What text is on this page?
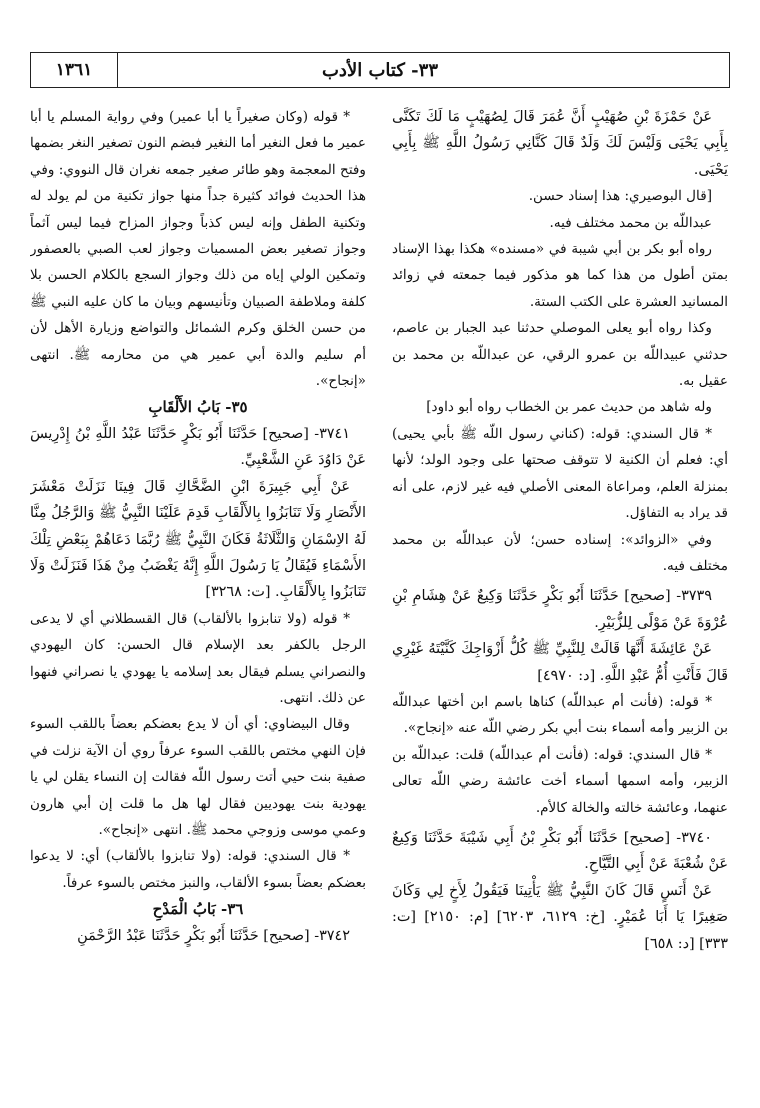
١٣٦١	٣٣- كتاب الأدب

عَنْ حَمْزَةَ بْنِ صُهَيْبٍ أَنَّ عُمَرَ قَالَ لِصُهَيْبٍ مَا لَكَ تَكَنَّى بِأَبِي يَحْيَى وَلَيْسَ لَكَ وَلَدٌ قَالَ كَنَّانِي رَسُولُ اللَّهِ ﷺ بِأَبِي يَحْيَى.

[قال البوصيري: هذا إسناد حسن.

عبداللّه بن محمد مختلف فيه.

رواه أبو بكر بن أبي شيبة في «مسنده» هكذا بهذا الإسناد بمتن أطول من هذا كما هو مذكور فيما جمعته في زوائد المسانيد العشرة على الكتب الستة.

وكذا رواه أبو يعلى الموصلي حدثنا عبد الجبار بن عاصم، حدثني عبيداللّه بن عمرو الرقي، عن عبداللّه بن محمد بن عقيل به.

وله شاهد من حديث عمر بن الخطاب رواه أبو داود]

* قال السندي: قوله: (كناني رسول اللّه ﷺ بأبي يحيى) أي: فعلم أن الكنية لا تتوقف صحتها على وجود الولد؛ لأنها بمنزلة العلم، ومراعاة المعنى الأصلي فيه غير لازم، على أنه قد يراد به التفاؤل.

وفي «الزوائد»: إسناده حسن؛ لأن عبداللّه بن محمد مختلف فيه.

٣٧٣٩- [صحيح] حَدَّثَنَا أَبُو بَكْرٍ حَدَّثَنَا وَكِيعٌ عَنْ هِشَامِ بْنِ عُرْوَةَ عَنْ مَوْلًى لِلزُّبَيْرِ.

عَنْ عَائِشَةَ أَنَّهَا قَالَتْ لِلنَّبِيِّ ﷺ كُلُّ أَزْوَاجِكَ كَنَّيْتَهُ غَيْرِي قَالَ فَأَنْتِ أُمُّ عَبْدِ اللَّهِ. [د: ٤٩٧٠]

* قوله: (فأنت أم عبداللّه) كناها باسم ابن أختها عبداللّه بن الزبير وأمه أسماء بنت أبي بكر رضي اللّه عنه «إنجاح».

* قال السندي: قوله: (فأنت أم عبداللّه) قلت: عبداللّه بن الزبير، وأمه اسمها أسماء أخت عائشة رضي اللّه تعالى عنهما، وعائشة خالته والخالة كالأم.

٣٧٤٠- [صحيح] حَدَّثَنَا أَبُو بَكْرِ بْنُ أَبِي شَيْبَةَ حَدَّثَنَا وَكِيعٌ عَنْ شُعْبَةَ عَنْ أَبِي التَّيَّاحِ.

عَنْ أَنَسٍ قَالَ كَانَ النَّبِيُّ ﷺ يَأْتِينَا فَيَقُولُ لِأَخٍ لِي وَكَانَ صَغِيرًا يَا أَبَا عُمَيْرٍ. [خ: ٦١٢٩، ٦٢٠٣] [م: ٢١٥٠] [ت: ٣٣٣] [د: ٦٥٨]

* قوله (وكان صغيراً يا أبا عمير) وفي رواية المسلم يا أبا عمير ما فعل النغير أما النغير فبضم النون تصغير النغر بضمها وفتح المعجمة وهو طائر صغير جمعه نغران قال النووي: وفي هذا الحديث فوائد كثيرة جداً منها جواز تكنية من لم يولد له وتكنية الطفل وإنه ليس كذباً وجواز المزاح فيما ليس آثماً وجواز تصغير بعض المسميات وجواز لعب الصبي بالعصفور وتمكين الولي إياه من ذلك وجواز السجع بالكلام الحسن بلا كلفة وملاطفة الصبيان وتأنيسهم وبيان ما كان عليه النبي ﷺ من حسن الخلق وكرم الشمائل والتواضع وزيارة الأهل لأن أم سليم والدة أبي عمير هي من محارمه ﷺ. انتهى «إنجاح».

٣٥- بَابُ الأَلْقَابِ

٣٧٤١- [صحيح] حَدَّثَنَا أَبُو بَكْرٍ حَدَّثَنَا عَبْدُ اللَّهِ بْنُ إِدْرِيسَ عَنْ دَاوُدَ عَنِ الشَّعْبِيِّ.

عَنْ أَبِي جَبِيرَةَ ابْنِ الضَّحَّاكِ قَالَ فِينَا نَزَلَتْ مَعْشَرَ الأَنْصَارِ وَلَا تَنَابَزُوا بِالأَلْقَابِ قَدِمَ عَلَيْنَا النَّبِيُّ ﷺ وَالرَّجُلُ مِنَّا لَهُ الاِسْمَانِ وَالثَّلَاثَةُ فَكَانَ النَّبِيُّ ﷺ رُبَّمَا دَعَاهُمْ بِبَعْضِ تِلْكَ الأَسْمَاءِ فَيُقَالُ يَا رَسُولَ اللَّهِ إِنَّهُ يَغْضَبُ مِنْ هَذَا فَنَزَلَتْ وَلَا تَنَابَزُوا بِالأَلْقَابِ. [ت: ٣٢٦٨]

* قوله (ولا تنابزوا بالألقاب) قال القسطلاني أي لا يدعى الرجل بالكفر بعد الإسلام قال الحسن: كان اليهودي والنصراني يسلم فيقال بعد إسلامه يا يهودي يا نصراني فنهوا عن ذلك. انتهى.

وقال البيضاوي: أي أن لا يدع بعضكم بعضاً باللقب السوء فإن النهي مختص باللقب السوء عرفاً روي أن الآية نزلت في صفية بنت حيي أتت رسول اللّه فقالت إن النساء يقلن لي يا يهودية بنت يهوديين فقال لها هل ما قلت إن أبي هارون وعمي موسى وزوجي محمد ﷺ. انتهى «إنجاح».

* قال السندي: قوله: (ولا تنابزوا بالألقاب) أي: لا يدعوا بعضكم بعضاً بسوء الألقاب، والنبز مختص بالسوء عرفاً.

٣٦- بَابُ الْمَدْحِ

٣٧٤٢- [صحيح] حَدَّثَنَا أَبُو بَكْرٍ حَدَّثَنَا عَبْدُ الرَّحْمَنِ
